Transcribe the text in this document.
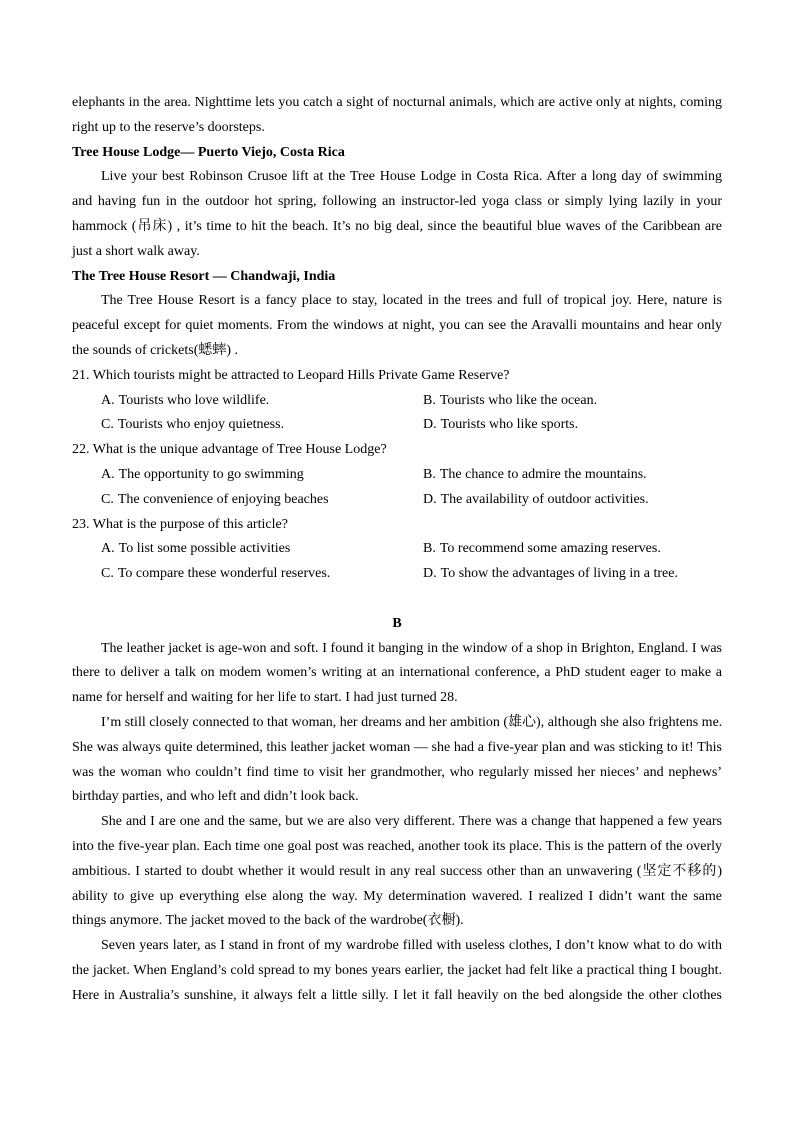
elephants in the area. Nighttime lets you catch a sight of nocturnal animals, which are active only at nights, coming
right up to the reserve’s doorsteps.
Tree House Lodge— Puerto Viejo, Costa Rica
Live your best Robinson Crusoe lift at the Tree House Lodge in Costa Rica. After a long day of swimming
and having fun in the outdoor hot spring, following an instructor-led yoga class or simply lying lazily in your
hammock (吊床) , it’s time to hit the beach. It’s no big deal, since the beautiful blue waves of the Caribbean are
just a short walk away.
The Tree House Resort — Chandwaji, India
The Tree House Resort is a fancy place to stay, located in the trees and full of tropical joy. Here, nature is
peaceful except for quiet moments. From the windows at night, you can see the Aravalli mountains and hear only
the sounds of crickets(蟋蟀) .
21. Which tourists might be attracted to Leopard Hills Private Game Reserve?
A. Tourists who love wildlife.	B. Tourists who like the ocean.
C. Tourists who enjoy quietness.	D. Tourists who like sports.
22. What is the unique advantage of Tree House Lodge?
A. The opportunity to go swimming	B. The chance to admire the mountains.
C. The convenience of enjoying beaches	D. The availability of outdoor activities.
23. What is the purpose of this article?
A. To list some possible activities	B. To recommend some amazing reserves.
C. To compare these wonderful reserves.	D. To show the advantages of living in a tree.
B
The leather jacket is age-won and soft. I found it banging in the window of a shop in Brighton, England. I was
there to deliver a talk on modem women’s writing at an international conference, a PhD student eager to make a
name for herself and waiting for her life to start. I had just turned 28.
I’m still closely connected to that woman, her dreams and her ambition (雄心), although she also frightens me.
She was always quite determined, this leather jacket woman — she had a five-year plan and was sticking to it! This
was the woman who couldn’t find time to visit her grandmother, who regularly missed her nieces’ and nephews’
birthday parties, and who left and didn’t look back.
She and I are one and the same, but we are also very different. There was a change that happened a few years
into the five-year plan. Each time one goal post was reached, another took its place. This is the pattern of the overly
ambitious. I started to doubt whether it would result in any real success other than an unwavering (坚定不移的)
ability to give up everything else along the way. My determination wavered. I realized I didn’t want the same
things anymore. The jacket moved to the back of the wardrobe(衣橱).
Seven years later, as I stand in front of my wardrobe filled with useless clothes, I don’t know what to do with
the jacket. When England’s cold spread to my bones years earlier, the jacket had felt like a practical thing I bought.
Here in Australia’s sunshine, it always felt a little silly. I let it fall heavily on the bed alongside the other clothes
